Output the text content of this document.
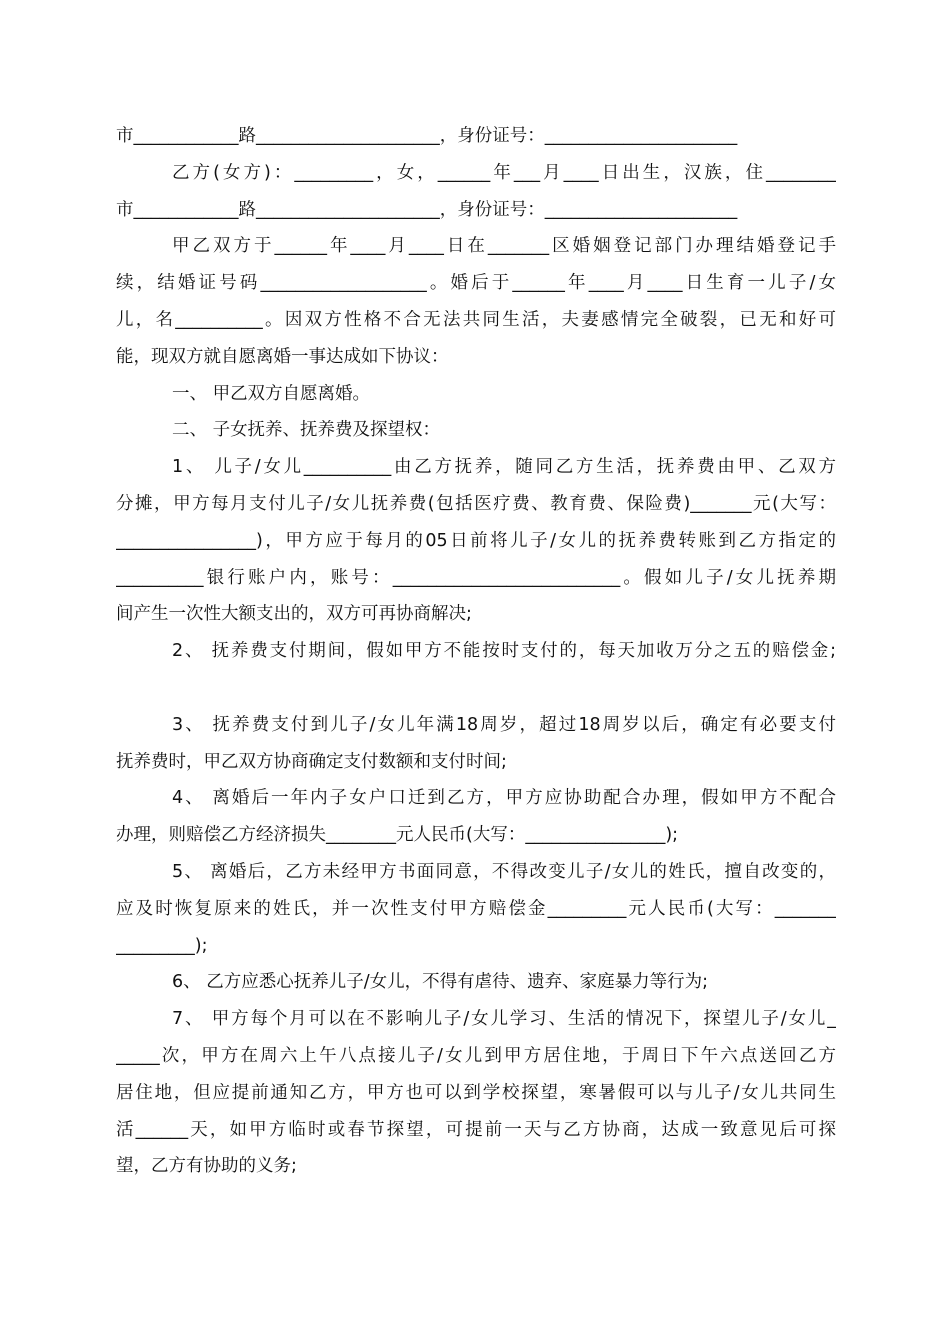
市____________路_____________________，身份证号：______________________
乙方(女方)：_________，女，______年___月____日出生，汉族，住________
市____________路_____________________，身份证号：______________________
甲乙双方于______年____月____日在_______区婚姻登记部门办理结婚登记手
续，结婚证号码___________________。婚后于______年____月____日生育一儿子/女
儿，名__________。因双方性格不合无法共同生活，夫妻感情完全破裂，已无和好可
能，现双方就自愿离婚一事达成如下协议：
一、 甲乙双方自愿离婚。
二、 子女抚养、抚养费及探望权：
1、 儿子/女儿__________由乙方抚养，随同乙方生活，抚养费由甲、乙双方
分摊，甲方每月支付儿子/女儿抚养费(包括医疗费、教育费、保险费)_______元(大写：
________________)，甲方应于每月的05日前将儿子/女儿的抚养费转账到乙方指定的
__________银行账户内，账号：__________________________。假如儿子/女儿抚养期
间产生一次性大额支出的，双方可再协商解决;
2、 抚养费支付期间，假如甲方不能按时支付的，每天加收万分之五的赔偿金;
3、 抚养费支付到儿子/女儿年满18周岁，超过18周岁以后，确定有必要支付
抚养费时，甲乙双方协商确定支付数额和支付时间;
4、 离婚后一年内子女户口迁到乙方，甲方应协助配合办理，假如甲方不配合
办理，则赔偿乙方经济损失________元人民币(大写：________________);
5、 离婚后，乙方未经甲方书面同意，不得改变儿子/女儿的姓氏，擅自改变的，
应及时恢复原来的姓氏，并一次性支付甲方赔偿金_________元人民币(大写：_______
_________);
6、 乙方应悉心抚养儿子/女儿，不得有虐待、遗弃、家庭暴力等行为;
7、 甲方每个月可以在不影响儿子/女儿学习、生活的情况下，探望儿子/女儿_
_____次，甲方在周六上午八点接儿子/女儿到甲方居住地，于周日下午六点送回乙方
居住地，但应提前通知乙方，甲方也可以到学校探望，寒暑假可以与儿子/女儿共同生
活______天，如甲方临时或春节探望，可提前一天与乙方协商，达成一致意见后可探
望，乙方有协助的义务;
